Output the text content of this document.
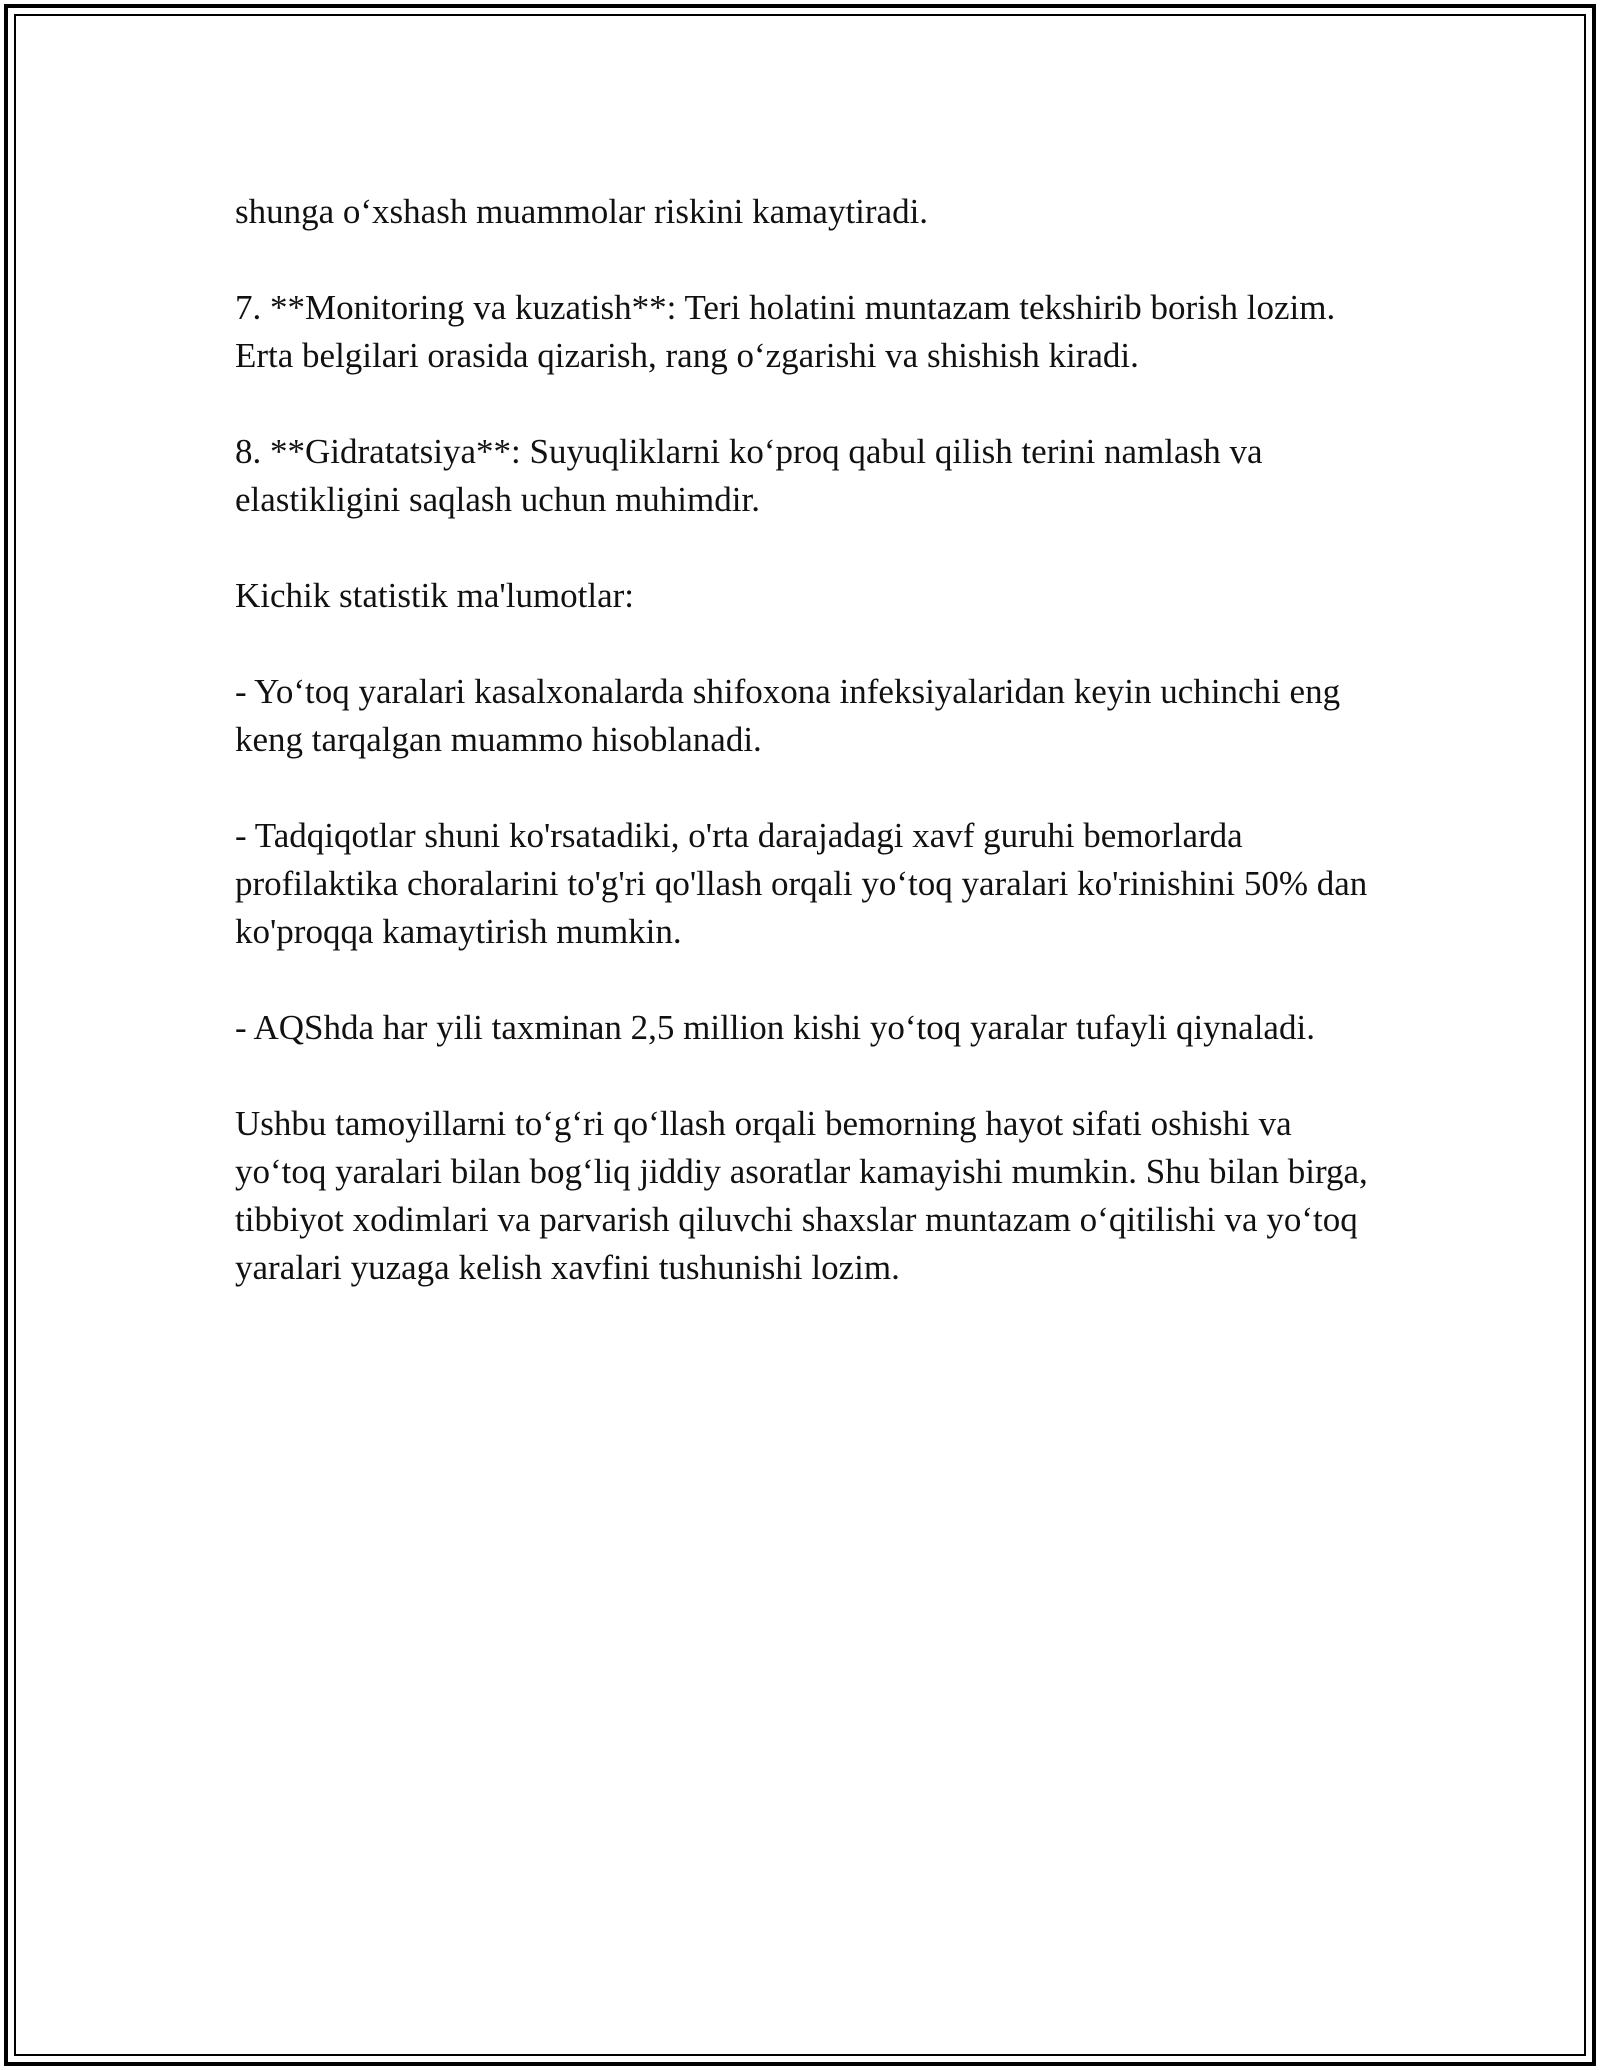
shunga o‘xshash muammolar riskini kamaytiradi.

7. **Monitoring va kuzatish**: Teri holatini muntazam tekshirib borish lozim. Erta belgilari orasida qizarish, rang o‘zgarishi va shishish kiradi.

8. **Gidratatsiya**: Suyuqliklarni ko‘proq qabul qilish terini namlash va elastikligini saqlash uchun muhimdir.

Kichik statistik ma'lumotlar:

- Yo‘toq yaralari kasalxonalarda shifoxona infeksiyalaridan keyin uchinchi eng keng tarqalgan muammo hisoblanadi.

- Tadqiqotlar shuni ko'rsatadiki, o'rta darajadagi xavf guruhi bemorlarda profilaktika choralarini to'g'ri qo'llash orqali yo‘toq yaralari ko'rinishini 50% dan ko'proqqa kamaytirish mumkin.

- AQShda har yili taxminan 2,5 million kishi yo‘toq yaralar tufayli qiynaladi.

Ushbu tamoyillarni to‘g‘ri qo‘llash orqali bemorning hayot sifati oshishi va yo‘toq yaralari bilan bog‘liq jiddiy asoratlar kamayishi mumkin. Shu bilan birga, tibbiyot xodimlari va parvarish qiluvchi shaxslar muntazam o‘qitilishi va yo‘toq yaralari yuzaga kelish xavfini tushunishi lozim.
